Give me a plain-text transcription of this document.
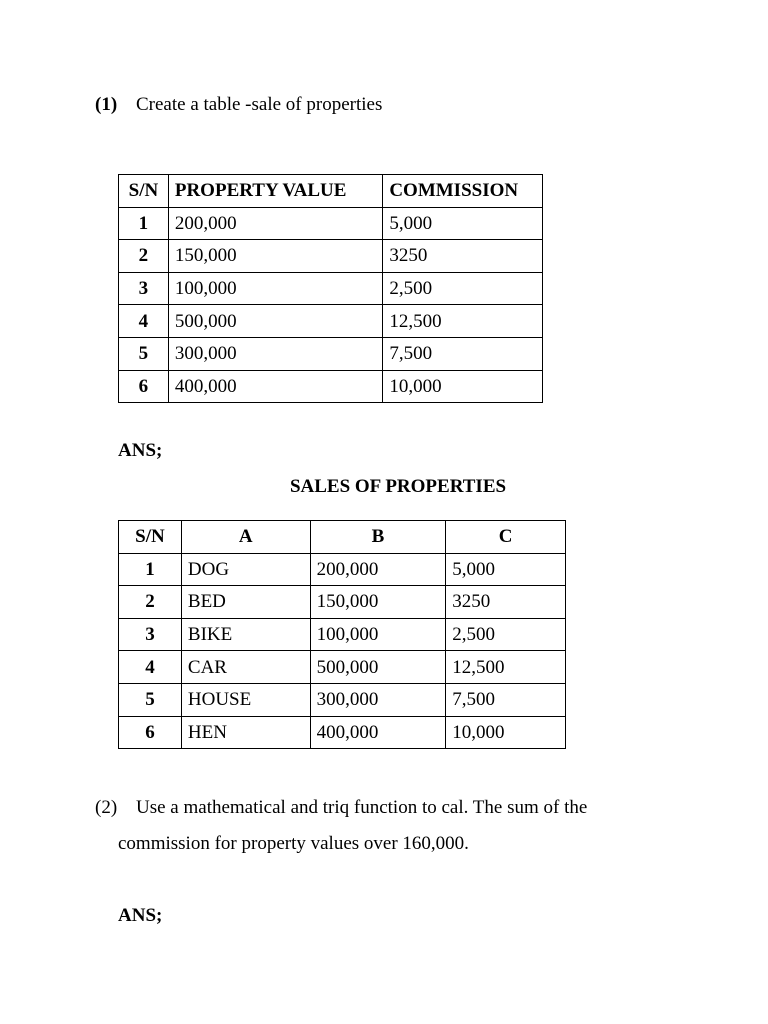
(1) Create a table -sale of properties
S/N	PROPERTY VALUE	COMMISSION
1	200,000	5,000
2	150,000	3250
3	100,000	2,500
4	500,000	12,500
5	300,000	7,500
6	400,000	10,000
ANS;
SALES OF PROPERTIES
S/N	A	B	C
1	DOG	200,000	5,000
2	BED	150,000	3250
3	BIKE	100,000	2,500
4	CAR	500,000	12,500
5	HOUSE	300,000	7,500
6	HEN	400,000	10,000
(2) Use a mathematical and triq function to cal. The sum of the
commission for property values over 160,000.
ANS;
